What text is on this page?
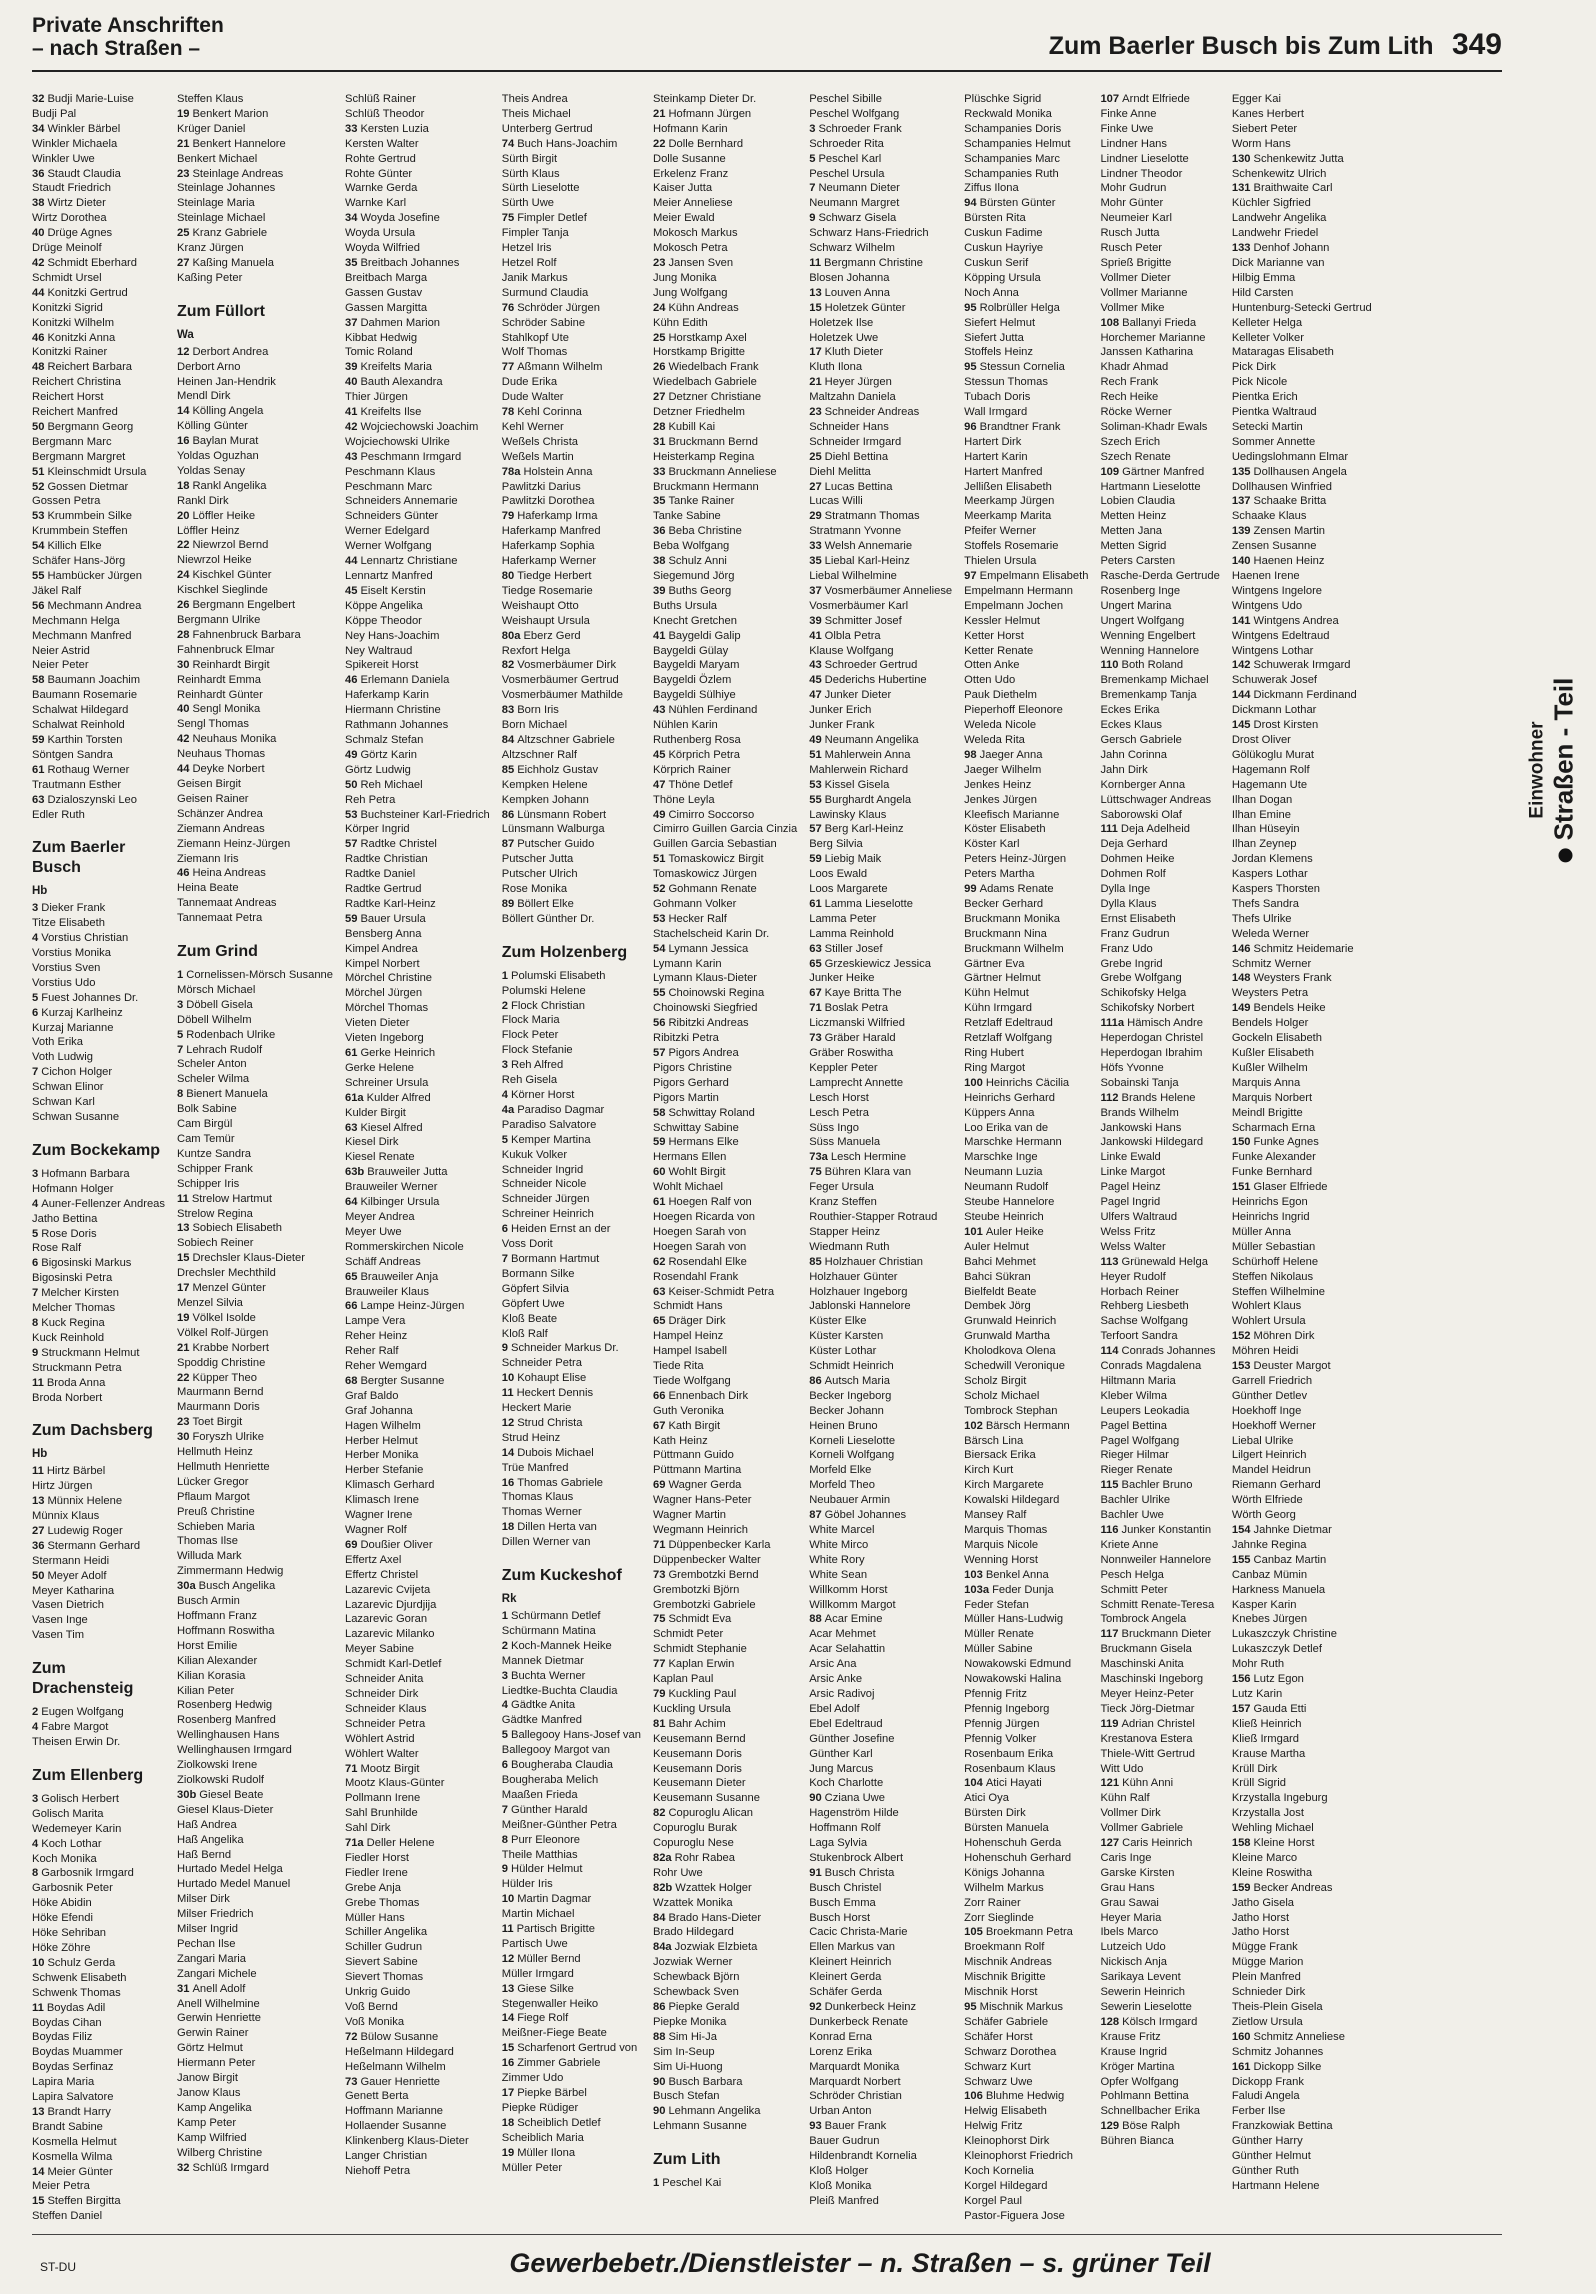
Private Anschriften
– nach Straßen –	Zum Baerler Busch bis Zum Lith 349
32 Budji Marie-Luise
Budji Pal
34 Winkler Bärbel
Winkler Michaela
Winkler Uwe
36 Staudt Claudia
Staudt Friedrich
38 Wirtz Dieter
Wirtz Dorothea
40 Drüge Agnes
Drüge Meinolf
42 Schmidt Eberhard
Schmidt Ursel
44 Konitzki Gertrud
Konitzki Sigrid
Konitzki Wilhelm
46 Konitzki Anna
Konitzki Rainer
48 Reichert Barbara
Reichert Christina
Reichert Horst
Reichert Manfred
50 Bergmann Georg
Bergmann Marc
Bergmann Margret
51 Kleinschmidt Ursula
52 Gossen Dietmar
Gossen Petra
53 Krummbein Silke
Krummbein Steffen
54 Killich Elke
Schäfer Hans-Jörg
55 Hambücker Jürgen
Jäkel Ralf
56 Mechmann Andrea
Mechmann Helga
Mechmann Manfred
Neier Astrid
Neier Peter
58 Baumann Joachim
Baumann Rosemarie
Schalwat Hildegard
Schalwat Reinhold
59 Karthin Torsten
Söntgen Sandra
61 Rothaug Werner
Trautmann Esther
63 Dzialoszynski Leo
Edler Ruth
Zum Baerler Busch
Hb
3 Dieker Frank
Titze Elisabeth
4 Vorstius Christian
Vorstius Monika
Vorstius Sven
Vorstius Udo
5 Fuest Johannes Dr.
6 Kurzaj Karlheinz
Kurzaj Marianne
Voth Erika
Voth Ludwig
7 Cichon Holger
Schwan Elinor
Schwan Karl
Schwan Susanne
Zum Bockekamp
3 Hofmann Barbara
Hofmann Holger
4 Auner-Fellenzer Andreas
Jatho Bettina
5 Rose Doris
Rose Ralf
6 Bigosinski Markus
Bigosinski Petra
7 Melcher Kirsten
Melcher Thomas
8 Kuck Regina
Kuck Reinhold
9 Struckmann Helmut
Struckmann Petra
11 Broda Anna
Broda Norbert
Zum Dachsberg
Hb
11 Hirtz Bärbel
Hirtz Jürgen
13 Münnix Helene
Münnix Klaus
27 Ludewig Roger
36 Stermann Gerhard
Stermann Heidi
50 Meyer Adolf
Meyer Katharina
Vasen Dietrich
Vasen Inge
Vasen Tim
Zum Drachensteig
2 Eugen Wolfgang
4 Fabre Margot
Theisen Erwin Dr.
Zum Ellenberg
3 Golisch Herbert
Golisch Marita
Wedemeyer Karin
4 Koch Lothar
Koch Monika
8 Garbosnik Irmgard
Garbosnik Peter
Höke Abidin
Höke Efendi
Höke Sehriban
Höke Zöhre
10 Schulz Gerda
Schwenk Elisabeth
Schwenk Thomas
11 Boydas Adil
Boydas Cihan
Boydas Filiz
Boydas Muammer
Boydas Serfinaz
Lapira Maria
Lapira Salvatore
13 Brandt Harry
Brandt Sabine
Kosmella Helmut
Kosmella Wilma
14 Meier Günter
Meier Petra
15 Steffen Birgitta
Steffen Daniel
Steffen Klaus
19 Benkert Marion
Krüger Daniel
21 Benkert Hannelore
Benkert Michael
23 Steinlage Andreas
Steinlage Johannes
Steinlage Maria
Steinlage Michael
25 Kranz Gabriele
Kranz Jürgen
27 Kaßing Manuela
Kaßing Peter
Zum Füllort
Wa
12 Derbort Andrea
Derbort Arno
Heinen Jan-Hendrik
Mendl Dirk
14 Kölling Angela
Kölling Günter
16 Baylan Murat
Yoldas Oguzhan
Yoldas Senay
18 Rankl Angelika
Rankl Dirk
20 Löffler Heike
Löffler Heinz
22 Niewrzol Bernd
Niewrzol Heike
24 Kischkel Günter
Kischkel Sieglinde
26 Bergmann Engelbert
Bergmann Ulrike
28 Fahnenbruck Barbara
Fahnenbruck Elmar
30 Reinhardt Birgit
Reinhardt Emma
Reinhardt Günter
40 Sengl Monika
Sengl Thomas
42 Neuhaus Monika
Neuhaus Thomas
44 Deyke Norbert
Geisen Birgit
Geisen Rainer
Schänzer Andrea
Ziemann Andreas
Ziemann Heinz-Jürgen
Ziemann Iris
46 Heina Andreas
Heina Beate
Tannemaat Andreas
Tannemaat Petra
Zum Grind
1 Cornelissen-Mörsch Susanne
Mörsch Michael
3 Döbell Gisela
Döbell Wilhelm
5 Rodenbach Ulrike
7 Lehrach Rudolf
Scheler Anton
Scheler Wilma
8 Bienert Manuela
Bolk Sabine
Cam Birgül
Cam Temür
Kuntze Sandra
Schipper Frank
Schipper Iris
11 Strelow Hartmut
Strelow Regina
13 Sobiech Elisabeth
Sobiech Reiner
15 Drechsler Klaus-Dieter
Drechsler Mechthild
17 Menzel Günter
Menzel Silvia
19 Völkel Isolde
Völkel Rolf-Jürgen
21 Krabbe Norbert
Spoddig Christine
22 Küpper Theo
Maurmann Bernd
Maurmann Doris
23 Toet Birgit
30 Foryszh Ulrike
Hellmuth Heinz
Hellmuth Henriette
Lücker Gregor
Pflaum Margot
Preuß Christine
Schieben Maria
Thomas Ilse
Willuda Mark
Zimmermann Hedwig
30a Busch Angelika
Busch Armin
Hoffmann Franz
Hoffmann Roswitha
Horst Emilie
Kilian Alexander
Kilian Korasia
Kilian Peter
Rosenberg Hedwig
Rosenberg Manfred
Wellinghausen Hans
Wellinghausen Irmgard
Ziolkowski Irene
Ziolkowski Rudolf
30b Giesel Beate
Giesel Klaus-Dieter
Haß Andrea
Haß Angelika
Haß Bernd
Hurtado Medel Helga
Hurtado Medel Manuel
Milser Dirk
Milser Friedrich
Milser Ingrid
Pechan Ilse
Zangari Maria
Zangari Michele
31 Anell Adolf
Anell Wilhelmine
Gerwin Henriette
Gerwin Rainer
Görtz Helmut
Hiermann Peter
Janow Birgit
Janow Klaus
Kamp Angelika
Kamp Peter
Kamp Wilfried
Wilberg Christine
32 Schlüß Irmgard
Schlüß Rainer
Schlüß Theodor
33 Kersten Luzia
Kersten Walter
Rohte Gertrud
Rohte Günter
Warnke Gerda
Warnke Karl
34 Woyda Josefine
Woyda Ursula
Woyda Wilfried
35 Breitbach Johannes
Breitbach Marga
Gassen Gustav
Gassen Margitta
37 Dahmen Marion
Kibbat Hedwig
Tomic Roland
39 Kreifelts Maria
40 Bauth Alexandra
Thier Jürgen
41 Kreifelts Ilse
42 Wojciechowski Joachim
Wojciechowski Ulrike
43 Peschmann Irmgard
Peschmann Klaus
Peschmann Marc
Schneiders Annemarie
Schneiders Günter
Werner Edelgard
Werner Wolfgang
44 Lennartz Christiane
Lennartz Manfred
45 Eiselt Kerstin
Köppe Angelika
Köppe Theodor
Ney Hans-Joachim
Ney Waltraud
Spikereit Horst
46 Erlemann Daniela
Haferkamp Karin
Hiermann Christine
Rathmann Johannes
Schmalz Stefan
49 Görtz Karin
Görtz Ludwig
50 Reh Michael
Reh Petra
53 Buchsteiner Karl-Friedrich
Körper Ingrid
57 Radtke Christel
Radtke Christian
Radtke Daniel
Radtke Gertrud
Radtke Karl-Heinz
59 Bauer Ursula
Bensberg Anna
Kimpel Andrea
Kimpel Norbert
Mörchel Christine
Mörchel Jürgen
Mörchel Thomas
Vieten Dieter
Vieten Ingeborg
61 Gerke Heinrich
Gerke Helene
Schreiner Ursula
61a Kulder Alfred
Kulder Birgit
63 Kiesel Alfred
Kiesel Dirk
Kiesel Renate
63b Brauweiler Jutta
Brauweiler Werner
64 Kilbinger Ursula
Meyer Andrea
Meyer Uwe
Rommerskirchen Nicole
Schäff Andreas
65 Brauweiler Anja
Brauweiler Klaus
66 Lampe Heinz-Jürgen
Lampe Vera
Reher Heinz
Reher Ralf
Reher Wemgard
68 Bergter Susanne
Graf Baldo
Graf Johanna
Hagen Wilhelm
Herber Helmut
Herber Monika
Herber Stefanie
Klimasch Gerhard
Klimasch Irene
Wagner Irene
Wagner Rolf
69 Doußier Oliver
Effertz Axel
Effertz Christel
Lazarevic Cvijeta
Lazarevic Djurdjija
Lazarevic Goran
Lazarevic Milanko
Meyer Sabine
Schmidt Karl-Detlef
Schneider Anita
Schneider Dirk
Schneider Klaus
Schneider Petra
Wöhlert Astrid
Wöhlert Walter
71 Mootz Birgit
Mootz Klaus-Günter
Pollmann Irene
Sahl Brunhilde
Sahl Dirk
71a Deller Helene
Fiedler Horst
Fiedler Irene
Grebe Anja
Grebe Thomas
Müller Hans
Schiller Angelika
Schiller Gudrun
Sievert Sabine
Sievert Thomas
Unkrig Guido
Voß Bernd
Voß Monika
72 Bülow Susanne
Heßelmann Hildegard
Heßelmann Wilhelm
73 Gauer Henriette
Genett Berta
Hoffmann Marianne
Hollaender Susanne
Klinkenberg Klaus-Dieter
Langer Christian
Niehoff Petra
Theis Andrea
Theis Michael
Unterberg Gertrud
74 Buch Hans-Joachim
Sürth Birgit
Sürth Klaus
Sürth Lieselotte
Sürth Uwe
75 Fimpler Detlef
Fimpler Tanja
Hetzel Iris
Hetzel Rolf
Janik Markus
Surmund Claudia
76 Schröder Jürgen
Schröder Sabine
Stahlkopf Ute
Wolf Thomas
77 Aßmann Wilhelm
Dude Erika
Dude Walter
78 Kehl Corinna
Kehl Werner
Weßels Christa
Weßels Martin
78a Holstein Anna
Pawlitzki Darius
Pawlitzki Dorothea
79 Haferkamp Irma
Haferkamp Manfred
Haferkamp Sophia
Haferkamp Werner
80 Tiedge Herbert
Tiedge Rosemarie
Weishaupt Otto
Weishaupt Ursula
80a Eberz Gerd
Rexfort Helga
82 Vosmerbäumer Dirk
Vosmerbäumer Gertrud
Vosmerbäumer Mathilde
83 Born Iris
Born Michael
84 Altzschner Gabriele
Altzschner Ralf
85 Eichholz Gustav
Kempken Helene
Kempken Johann
86 Lünsmann Robert
Lünsmann Walburga
87 Putscher Guido
Putscher Jutta
Putscher Ulrich
Rose Monika
89 Böllert Elke
Böllert Günther Dr.
Zum Holzenberg
1 Polumski Elisabeth
Polumski Helene
2 Flock Christian
Flock Maria
Flock Peter
Flock Stefanie
3 Reh Alfred
Reh Gisela
4 Körner Horst
4a Paradiso Dagmar
Paradiso Salvatore
5 Kemper Martina
Kukuk Volker
Schneider Ingrid
Schneider Nicole
Schneider Jürgen
Schreiner Heinrich
6 Heiden Ernst an der
Voss Dorit
7 Bormann Hartmut
Bormann Silke
Göpfert Silvia
Göpfert Uwe
Kloß Beate
Kloß Ralf
9 Schneider Markus Dr.
Schneider Petra
10 Kohaupt Elise
11 Heckert Dennis
Heckert Marie
12 Strud Christa
Strud Heinz
14 Dubois Michael
Trüe Manfred
16 Thomas Gabriele
Thomas Klaus
Thomas Werner
18 Dillen Herta van
Dillen Werner van
Zum Kuckeshof
Rk
1 Schürmann Detlef
Schürmann Matina
2 Koch-Mannek Heike
Mannek Dietmar
3 Buchta Werner
Liedtke-Buchta Claudia
4 Gädtke Anita
Gädtke Manfred
5 Ballegooy Hans-Josef van
Ballegooy Margot van
6 Bougheraba Claudia
Bougheraba Melich
Maaßen Frieda
7 Günther Harald
Meißner-Günther Petra
8 Purr Eleonore
Theile Matthias
9 Hülder Helmut
Hülder Iris
10 Martin Dagmar
Martin Michael
11 Partisch Brigitte
Partisch Uwe
12 Müller Bernd
Müller Irmgard
13 Giese Silke
Stegenwaller Heiko
14 Fiege Rolf
Meißner-Fiege Beate
15 Scharfenort Gertrud von
16 Zimmer Gabriele
Zimmer Udo
17 Piepke Bärbel
Piepke Rüdiger
18 Scheiblich Detlef
Scheiblich Maria
19 Müller Ilona
Müller Peter
Steinkamp Dieter Dr.
21 Hofmann Jürgen
Hofmann Karin
22 Dolle Bernhard
Dolle Susanne
Erkelenz Franz
Kaiser Jutta
Meier Anneliese
Meier Ewald
Mokosch Markus
Mokosch Petra
23 Jansen Sven
Jung Monika
Jung Wolfgang
24 Kühn Andreas
Kühn Edith
25 Horstkamp Axel
Horstkamp Brigitte
26 Wiedelbach Frank
Wiedelbach Gabriele
27 Detzner Christiane
Detzner Friedhelm
28 Kubill Kai
31 Bruckmann Bernd
Heisterkamp Regina
33 Bruckmann Anneliese
Bruckmann Hermann
35 Tanke Rainer
Tanke Sabine
36 Beba Christine
Beba Wolfgang
38 Schulz Anni
Siegemund Jörg
39 Buths Georg
Buths Ursula
Knecht Gretchen
41 Baygeldi Galip
Baygeldi Gülay
Baygeldi Maryam
Baygeldi Özlem
Baygeldi Sülhiye
43 Nühlen Ferdinand
Nühlen Karin
Ruthenberg Rosa
45 Körprich Petra
Körprich Rainer
47 Thöne Detlef
Thöne Leyla
49 Cimirro Soccorso
Cimirro Guillen Garcia Cinzia
Guillen Garcia Sebastian
51 Tomaskowicz Birgit
Tomaskowicz Jürgen
52 Gohmann Renate
Gohmann Volker
53 Hecker Ralf
Stachelscheid Karin Dr.
54 Lymann Jessica
Lymann Karin
Lymann Klaus-Dieter
55 Choinowski Regina
Choinowski Siegfried
56 Ribitzki Andreas
Ribitzki Petra
57 Pigors Andrea
Pigors Christine
Pigors Gerhard
Pigors Martin
58 Schwittay Roland
Schwittay Sabine
59 Hermans Elke
Hermans Ellen
60 Wohlt Birgit
Wohlt Michael
61 Hoegen Ralf von
Hoegen Ricarda von
Hoegen Sarah von
Hoegen Sarah von
62 Rosendahl Elke
Rosendahl Frank
63 Keiser-Schmidt Petra
Schmidt Hans
65 Dräger Dirk
Hampel Heinz
Hampel Isabell
Tiede Rita
Tiede Wolfgang
66 Ennenbach Dirk
Guth Veronika
67 Kath Birgit
Kath Heinz
Püttmann Guido
Püttmann Martina
69 Wagner Gerda
Wagner Hans-Peter
Wagner Martin
Wegmann Heinrich
71 Düppenbecker Karla
Düppenbecker Walter
73 Grembotzki Bernd
Grembotzki Björn
Grembotzki Gabriele
75 Schmidt Eva
Schmidt Peter
Schmidt Stephanie
77 Kaplan Erwin
Kaplan Paul
79 Kuckling Paul
Kuckling Ursula
81 Bahr Achim
Keusemann Bernd
Keusemann Doris
Keusemann Doris
Keusemann Dieter
Keusemann Susanne
82 Copuroglu Alican
Copuroglu Burak
Copuroglu Nese
82a Rohr Rabea
Rohr Uwe
82b Wzattek Holger
Wzattek Monika
84 Brado Hans-Dieter
Brado Hildegard
84a Jozwiak Elzbieta
Jozwiak Werner
Schewback Björn
Schewback Sven
86 Piepke Gerald
Piepke Monika
88 Sim Hi-Ja
Sim In-Seup
Sim Ui-Huong
90 Busch Barbara
Busch Stefan
90 Lehmann Angelika
Lehmann Susanne
Zum Lith
1 Peschel Kai
Peschel Sibille
Peschel Wolfgang
3 Schroeder Frank
Schroeder Rita
5 Peschel Karl
Peschel Ursula
7 Neumann Dieter
Neumann Margret
9 Schwarz Gisela
Schwarz Hans-Friedrich
Schwarz Wilhelm
11 Bergmann Christine
Blosen Johanna
13 Louven Anna
15 Holetzek Günter
Holetzek Ilse
Holetzek Uwe
17 Kluth Dieter
Kluth Ilona
21 Heyer Jürgen
Maltzahn Daniela
23 Schneider Andreas
Schneider Hans
Schneider Irmgard
25 Diehl Bettina
Diehl Melitta
27 Lucas Bettina
Lucas Willi
29 Stratmann Thomas
Stratmann Yvonne
33 Welsh Annemarie
35 Liebal Karl-Heinz
Liebal Wilhelmine
37 Vosmerbäumer Anneliese
Vosmerbäumer Karl
39 Schmitter Josef
41 Olbla Petra
Klause Wolfgang
43 Schroeder Gertrud
45 Dederichs Hubertine
47 Junker Dieter
Junker Erich
Junker Frank
49 Neumann Angelika
51 Mahlerwein Anna
Mahlerwein Richard
53 Kissel Gisela
55 Burghardt Angela
Lawinsky Klaus
57 Berg Karl-Heinz
Berg Silvia
59 Liebig Maik
Loos Ewald
Loos Margarete
61 Lamma Lieselotte
Lamma Peter
Lamma Reinhold
63 Stiller Josef
65 Grzeskiewicz Jessica
Junker Heike
67 Kaye Britta The
71 Boslak Petra
Liczmanski Wilfried
73 Gräber Harald
Gräber Roswitha
Keppler Peter
Lamprecht Annette
Lesch Horst
Lesch Petra
Süss Ingo
Süss Manuela
73a Lesch Hermine
75 Bühren Klara van
Feger Ursula
Kranz Steffen
Routhier-Stapper Rotraud
Stapper Heinz
Wiedmann Ruth
85 Holzhauer Christian
Holzhauer Günter
Holzhauer Ingeborg
Jablonski Hannelore
Küster Elke
Küster Karsten
Küster Lothar
Schmidt Heinrich
86 Autsch Maria
Becker Ingeborg
Becker Johann
Heinen Bruno
Korneli Lieselotte
Korneli Wolfgang
Morfeld Elke
Morfeld Theo
Neubauer Armin
87 Göbel Johannes
White Marcel
White Mirco
White Rory
White Sean
Willkomm Horst
Willkomm Margot
88 Acar Emine
Acar Mehmet
Acar Selahattin
Arsic Ana
Arsic Anke
Arsic Radivoj
Ebel Adolf
Ebel Edeltraud
Günther Josefine
Günther Karl
Jung Marcus
Koch Charlotte
90 Cziana Uwe
Hagenström Hilde
Hoffmann Rolf
Laga Sylvia
Stukenbrock Albert
91 Busch Christa
Busch Christel
Busch Emma
Busch Horst
Cacic Christa-Marie
Ellen Markus van
Kleinert Heinrich
Kleinert Gerda
Schäfer Gerda
92 Dunkerbeck Heinz
Dunkerbeck Renate
Konrad Erna
Lorenz Erika
Marquardt Monika
Marquardt Norbert
Schröder Christian
Urban Anton
93 Bauer Frank
Bauer Gudrun
Hildenbrandt Kornelia
Kloß Holger
Kloß Monika
Pleiß Manfred
Plüschke Sigrid
Reckwald Monika
Schampanies Doris
Schampanies Helmut
Schampanies Marc
Schampanies Ruth
Ziffus Ilona
94 Bürsten Günter
Bürsten Rita
Cuskun Fadime
Cuskun Hayriye
Cuskun Serif
Köpping Ursula
Noch Anna
95 Rolbrüller Helga
Siefert Helmut
Siefert Jutta
Stoffels Heinz
95 Stessun Cornelia
Stessun Thomas
Tubach Doris
Wall Irmgard
96 Brandtner Frank
Hartert Dirk
Hartert Karin
Hartert Manfred
Jellißen Elisabeth
Meerkamp Jürgen
Meerkamp Marita
Pfeifer Werner
Stoffels Rosemarie
Thielen Ursula
97 Empelmann Elisabeth
Empelmann Hermann
Empelmann Jochen
Kessler Helmut
Ketter Horst
Ketter Renate
Otten Anke
Otten Udo
Pauk Diethelm
Pieperhoff Eleonore
Weleda Nicole
Weleda Rita
98 Jaeger Anna
Jaeger Wilhelm
Jenkes Heinz
Jenkes Jürgen
Kleefisch Marianne
Köster Elisabeth
Köster Karl
Peters Heinz-Jürgen
Peters Martha
99 Adams Renate
Becker Gerhard
Bruckmann Monika
Bruckmann Nina
Bruckmann Wilhelm
Gärtner Eva
Gärtner Helmut
Kühn Helmut
Kühn Irmgard
Retzlaff Edeltraud
Retzlaff Wolfgang
Ring Hubert
Ring Margot
100 Heinrichs Cäcilia
Heinrichs Gerhard
Küppers Anna
Loo Erika van de
Marschke Hermann
Marschke Inge
Neumann Luzia
Neumann Rudolf
Steube Hannelore
Steube Heinrich
101 Auler Heike
Auler Helmut
Bahci Mehmet
Bahci Sükran
Bielfeldt Beate
Dembek Jörg
Grunwald Heinrich
Grunwald Martha
Kholodkova Olena
Schedwill Veronique
Scholz Birgit
Scholz Michael
Tombrock Stephan
102 Bärsch Hermann
Bärsch Lina
Biersack Erika
Kirch Kurt
Kirch Margarete
Kowalski Hildegard
Mansey Ralf
Marquis Thomas
Marquis Nicole
Wenning Horst
103 Benkel Anna
103a Feder Dunja
Feder Stefan
Müller Hans-Ludwig
Müller Renate
Müller Sabine
Nowakowski Edmund
Nowakowski Halina
Pfennig Fritz
Pfennig Ingeborg
Pfennig Jürgen
Pfennig Volker
Rosenbaum Erika
Rosenbaum Klaus
104 Atici Hayati
Atici Oya
Bürsten Dirk
Bürsten Manuela
Hohenschuh Gerda
Hohenschuh Gerhard
Königs Johanna
Wilhelm Markus
Zorr Rainer
Zorr Sieglinde
105 Broekmann Petra
Broekmann Rolf
Mischnik Andreas
Mischnik Brigitte
Mischnik Horst
95 Mischnik Markus
Schäfer Gabriele
Schäfer Horst
Schwarz Dorothea
Schwarz Kurt
Schwarz Uwe
106 Bluhme Hedwig
Helwig Elisabeth
Helwig Fritz
Kleinophorst Dirk
Kleinophorst Friedrich
Koch Kornelia
Korgel Hildegard
Korgel Paul
Pastor-Figuera Jose
107 Arndt Elfriede
Finke Anne
Finke Uwe
Lindner Hans
Lindner Lieselotte
Lindner Theodor
Mohr Gudrun
Mohr Günter
Neumeier Karl
Rusch Jutta
Rusch Peter
Sprieß Brigitte
Vollmer Dieter
Vollmer Marianne
Vollmer Mike
108 Ballanyi Frieda
Horchemer Marianne
Janssen Katharina
Khadr Ahmad
Rech Frank
Rech Heike
Röcke Werner
Soliman-Khadr Ewals
Szech Erich
Szech Renate
109 Gärtner Manfred
Hartmann Lieselotte
Lobien Claudia
Metten Heinz
Metten Jana
Metten Sigrid
Peters Carsten
Rasche-Derda Gertrude
Rosenberg Inge
Ungert Marina
Ungert Wolfgang
Wenning Engelbert
Wenning Hannelore
110 Both Roland
Bremenkamp Michael
Bremenkamp Tanja
Eckes Erika
Eckes Klaus
Gersch Gabriele
Jahn Corinna
Jahn Dirk
Kornberger Anna
Lüttschwager Andreas
Saborowski Olaf
111 Deja Adelheid
Deja Gerhard
Dohmen Heike
Dohmen Rolf
Dylla Inge
Dylla Klaus
Ernst Elisabeth
Franz Gudrun
Franz Udo
Grebe Ingrid
Grebe Wolfgang
Schikofsky Helga
Schikofsky Norbert
111a Hämisch Andre
Heperdogan Christel
Heperdogan Ibrahim
Höfs Yvonne
Sobainski Tanja
112 Brands Helene
Brands Wilhelm
Jankowski Hans
Jankowski Hildegard
Linke Ewald
Linke Margot
Pagel Heinz
Pagel Ingrid
Ulfers Waltraud
Welss Fritz
Welss Walter
113 Grünewald Helga
Heyer Rudolf
Horbach Reiner
Rehberg Liesbeth
Sachse Wolfgang
Terfoort Sandra
114 Conrads Johannes
Conrads Magdalena
Hiltmann Maria
Kleber Wilma
Leupers Leokadia
Pagel Bettina
Pagel Wolfgang
Rieger Hilmar
Rieger Renate
115 Bachler Bruno
Bachler Ulrike
Bachler Uwe
116 Junker Konstantin
Kriete Anne
Nonnweiler Hannelore
Pesch Helga
Schmitt Peter
Schmitt Renate-Teresa
Tombrock Angela
117 Bruckmann Dieter
Bruckmann Gisela
Maschinski Anita
Maschinski Ingeborg
Meyer Heinz-Peter
Tieck Jörg-Dietmar
119 Adrian Christel
Krestanova Estera
Thiele-Witt Gertrud
Witt Udo
121 Kühn Anni
Kühn Ralf
Vollmer Dirk
Vollmer Gabriele
127 Caris Heinrich
Caris Inge
Garske Kirsten
Grau Hans
Grau Sawai
Heyer Maria
Ibels Marco
Lutzeich Udo
Nickisch Anja
Sarikaya Levent
Sewerin Heinrich
Sewerin Lieselotte
128 Kölsch Irmgard
Krause Fritz
Krause Ingrid
Kröger Martina
Opfer Wolfgang
Pohlmann Bettina
Schnellbacher Erika
129 Böse Ralph
Bühren Bianca
Egger Kai
Kanes Herbert
Siebert Peter
Worm Hans
130 Schenkewitz Jutta
Schenkewitz Ulrich
131 Braithwaite Carl
Küchler Sigfried
Landwehr Angelika
Landwehr Friedel
133 Denhof Johann
Dick Marianne van
Hilbig Emma
Hild Carsten
Huntenburg-Setecki Gertrud
Kelleter Helga
Kelleter Volker
Mataragas Elisabeth
Pick Dirk
Pick Nicole
Pientka Erich
Pientka Waltraud
Setecki Martin
Sommer Annette
Uedingslohmann Elmar
135 Dollhausen Angela
Dollhausen Winfried
137 Schaake Britta
Schaake Klaus
139 Zensen Martin
Zensen Susanne
140 Haenen Heinz
Haenen Irene
Wintgens Ingelore
Wintgens Udo
141 Wintgens Andrea
Wintgens Edeltraud
Wintgens Lothar
142 Schuwerak Irmgard
Schuwerak Josef
144 Dickmann Ferdinand
Dickmann Lothar
145 Drost Kirsten
Drost Oliver
Gölükoglu Murat
Hagemann Rolf
Hagemann Ute
Ilhan Dogan
Ilhan Emine
Ilhan Hüseyin
Ilhan Zeynep
Jordan Klemens
Kaspers Lothar
Kaspers Thorsten
Thefs Sandra
Thefs Ulrike
Weleda Werner
146 Schmitz Heidemarie
Schmitz Werner
148 Weysters Frank
Weysters Petra
149 Bendels Heike
Bendels Holger
Gockeln Elisabeth
Kußler Elisabeth
Kußler Wilhelm
Marquis Anna
Marquis Norbert
Meindl Brigitte
Scharmach Erna
150 Funke Agnes
Funke Alexander
Funke Bernhard
151 Glaser Elfriede
Heinrichs Egon
Heinrichs Ingrid
Müller Anna
Müller Sebastian
Schürhoff Helene
Steffen Nikolaus
Steffen Wilhelmine
Wohlert Klaus
Wohlert Ursula
152 Möhren Dirk
Möhren Heidi
153 Deuster Margot
Garrell Friedrich
Günther Detlev
Hoekhoff Inge
Hoekhoff Werner
Liebal Ulrike
Lilgert Heinrich
Mandel Heidrun
Riemann Gerhard
Wörth Elfriede
Wörth Georg
154 Jahnke Dietmar
Jahnke Regina
155 Canbaz Martin
Canbaz Mümin
Harkness Manuela
Kasper Karin
Knebes Jürgen
Lukaszczyk Christine
Lukaszczyk Detlef
Mohr Ruth
156 Lutz Egon
Lutz Karin
157 Gauda Etti
Kließ Heinrich
Kließ Irmgard
Krause Martha
Krüll Dirk
Krüll Sigrid
Krzystalla Ingeburg
Krzystalla Jost
Wehling Michael
158 Kleine Horst
Kleine Marco
Kleine Roswitha
159 Becker Andreas
Jatho Gisela
Jatho Horst
Jatho Horst
Mügge Frank
Mügge Marion
Plein Manfred
Schnieder Dirk
Theis-Plein Gisela
Zietlow Ursula
160 Schmitz Anneliese
Schmitz Johannes
161 Dickopp Silke
Dickopp Frank
Faludi Angela
Ferber Ilse
Franzkowiak Bettina
Günther Harry
Günther Helmut
Günther Ruth
Hartmann Helene
Einwohner Straßen - Teil
ST-DU	Gewerbebetr./Dienstleister – n. Straßen – s. grüner Teil
